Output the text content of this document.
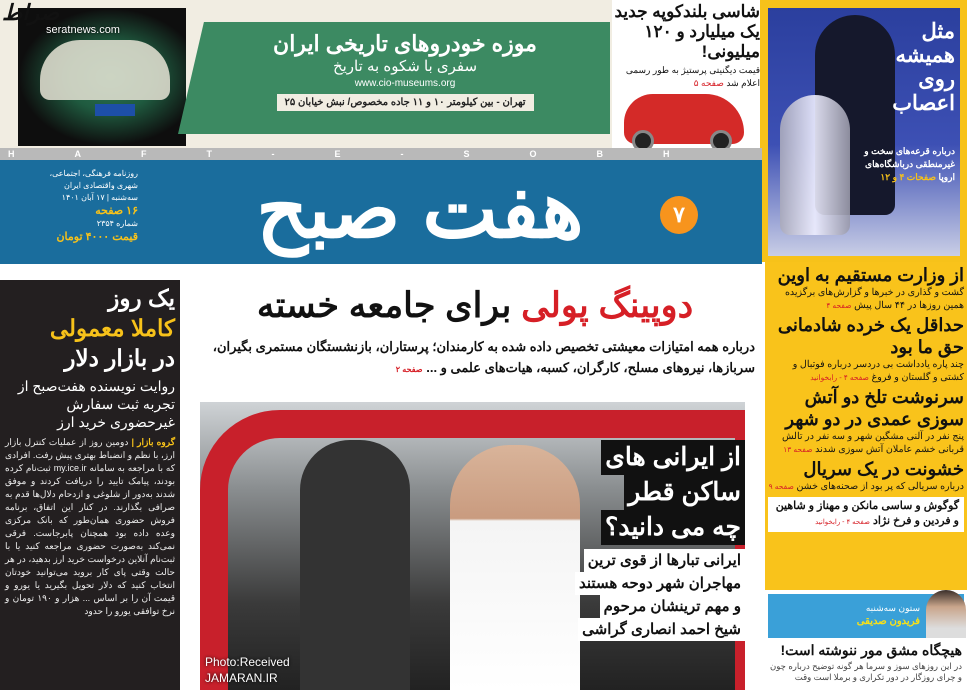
صراط
seratnews.com
موزه خودروهای تاریخی ایران
سفری با شکوه به تاریخ
www.cio-museums.org
تهران - بین کیلومتر ۱۰ و ۱۱ جاده مخصوص/ نبش خیابان ۲۵
شاسی بلندکوپه جدید یک میلیارد و ۱۲۰ میلیونی!
قیمت دیگنیتی پرستیژ به طور رسمی اعلام شد صفحه ۵
مثل همیشه روی اعصاب
درباره قرعه‌های سخت و غیرمنطقی درباشگاه‌های اروپا صفحات ۴ و ۱۲
HAFT-E-SOBH
روزنامه فرهنگی، اجتماعی،
شهری واقتصادی ایران
سه‌شنبه | ۱۷ آبان ۱۴۰۱
۱۶ صفحه
شماره ۲۳۵۴
قیمت ۴۰۰۰ تومان	هفت صبح	۷
یک روز
کاملا معمولی
در بازار دلار
روایت نویسنده هفت‌صبح از تجربه ثبت سفارش غیرحضوری خرید ارز
گروه بازار | دومین روز از عملیات کنترل بازار ارز، با نظم و انضباط بهتری پیش رفت. افرادی که با مراجعه به سامانه my.ice.ir ثبت‌نام کرده بودند، پیامک تایید را دریافت کردند و موفق شدند به‌دور از شلوغی و ازدحام دلال‌ها قدم به صرافی بگذارند. در کنار این اتفاق، برنامه فروش حضوری همان‌طور که بانک مرکزی وعده داده بود همچنان پابرجاست. فرقی نمی‌کند به‌صورت حضوری مراجعه کنید یا با ثبت‌نام آنلاین درخواست خرید ارز بدهید، در هر حالت وقتی پای کار بروید می‌توانید خودتان انتخاب کنید که دلار تحویل بگیرید یا یورو و قیمت آن را بر اساس ... هزار و ۱۹۰ تومان و نرخ توافقی یورو را حدود
دوپینگ پولی برای جامعه خسته
درباره همه امتیازات معیشتی تخصیص داده شده به کارمندان؛ پرستاران، بازنشستگان مستمری بگیران، سربازها، نیروهای مسلح، کارگران، کسبه، هیات‌های علمی و ... صفحه ۲
Photo:Received
JAMARAN.IR
از ایرانی های
ساکن قطر
چه می دانید؟
ایرانی تبارها از قوی ترین
مهاجران شهر دوحه هستند
و مهم ترینشان مرحوم
شیخ احمد انصاری گراشی
از وزارت مستقیم به اوین
گشت و گذاری در خبرها و گزارش‌های برگزیده همین روزها در ۴۴ سال پیش صفحه ۴
حداقل یک خرده شادمانی حق ما بود
چند پاره یادداشت بی دردسر درباره فوتبال و کشتی و گلستان و فروغ صفحه ۴ - رابخوانید
سرنوشت تلخ دو آتش سوزی عمدی در دو شهر
پنج نفر در آلنی مشگین شهر و سه نفر در تالش قربانی خشم عاملان آتش سوزی شدند صفحه ۱۳
خشونت در یک سریال
درباره سریالی که پر بود از صحنه‌های خشن صفحه ۹
گوگوش و ساسی مانکن و مهناز و شاهین و فردین و فرخ نژاد صفحه ۴ - رابخوانید
ستون سه‌شنبه
فریدون صدیقی
هیچگاه مشق مور ننوشته است!
در این روزهای سوز و سرما هر گونه توضیح درباره چون و چرای روزگار در دور تکراری و برملا است وقت
